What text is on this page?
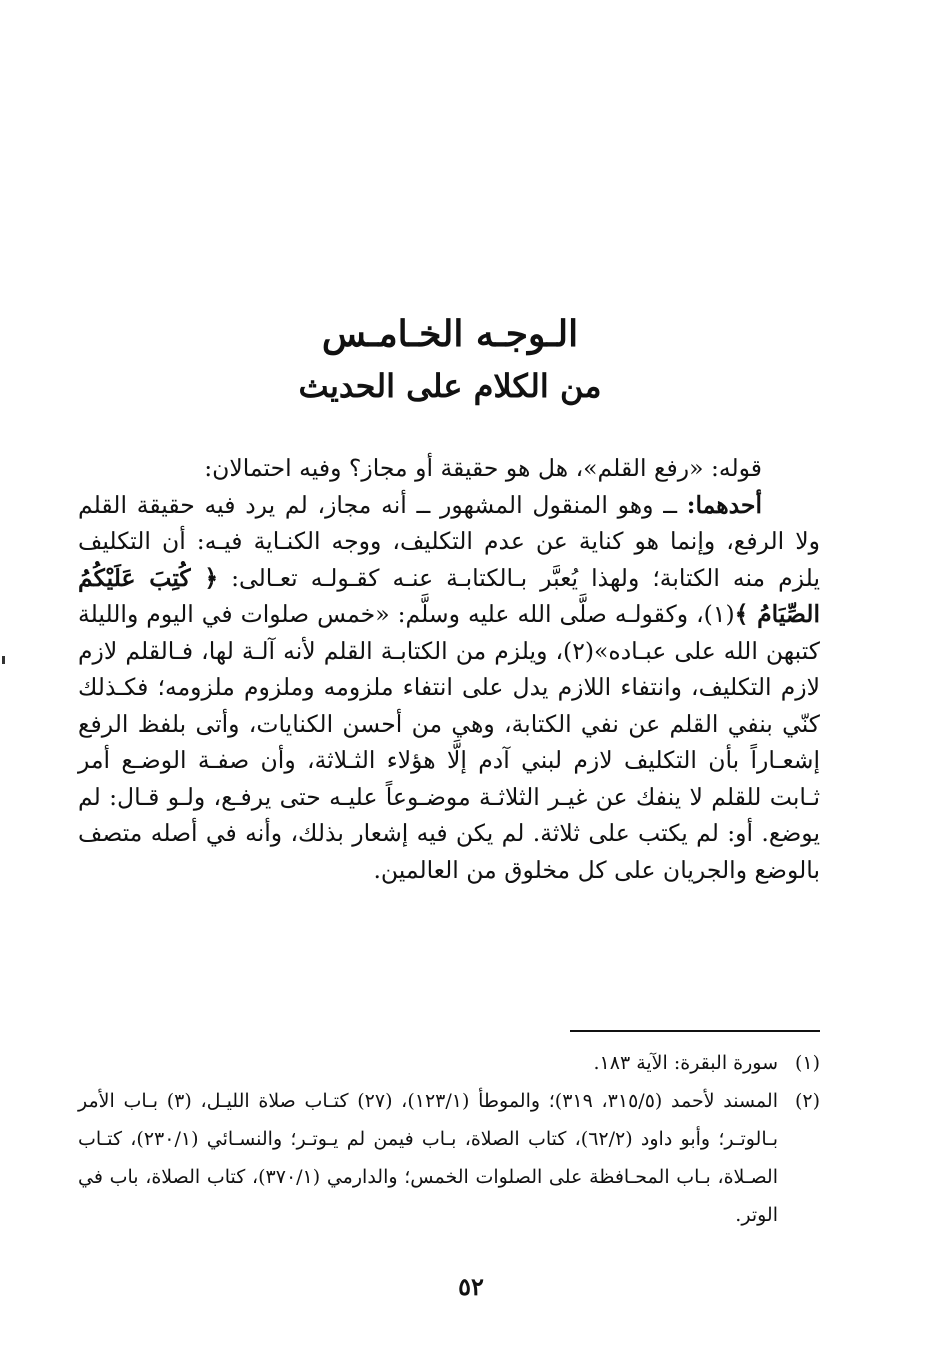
الـوجـه الخـامـس
من الكلام على الحديث

قوله: «رفع القلم»، هل هو حقيقة أو مجاز؟ وفيه احتمالان:

أحدهما: ــ وهو المنقول المشهور ــ أنه مجاز، لم يرد فيه حقيقة القلم ولا الرفع، وإنما هو كناية عن عدم التكليف، ووجه الكنـاية فيـه: أن التكليف يلزم منه الكتابة؛ ولهذا يُعبَّر بـالكتابـة عنـه كقـولـه تعـالى: ﴿ كُتِبَ عَلَيْكُمُ الصِّيَامُ ﴾(١)، وكقولـه صلَّى الله عليه وسلَّم: «خمس صلوات في اليوم والليلة كتبهن الله على عبـاده»(٢)، ويلزم من الكتابـة القلم لأنه آلـة لها، فـالقلم لازم لازم التكليف، وانتفاء اللازم يدل على انتفاء ملزومه وملزوم ملزومه؛ فكـذلك كنّي بنفي القلم عن نفي الكتابة، وهي من أحسن الكنايات، وأتى بلفظ الرفع إشعـاراً بأن التكليف لازم لبني آدم إلَّا هؤلاء الثـلاثة، وأن صفـة الوضـع أمر ثـابت للقلم لا ينفك عن غيـر الثلاثـة موضـوعاً عليـه حتى يرفـع، ولـو قـال: لم يوضع. أو: لم يكتب على ثلاثة. لم يكن فيه إشعار بذلك، وأنه في أصله متصف بالوضع والجريان على كل مخلوق من العالمين.

(١)
سورة البقرة: الآية ١٨٣.
(٢)
المسند لأحمد (٣١٥/٥، ٣١٩)؛ والموطأ (١٢٣/١)، (٢٧) كتـاب صلاة الليـل، (٣) بـاب الأمر بـالوتـر؛ وأبو داود (٦٢/٢)، كتاب الصلاة، بـاب فيمن لم يـوتـر؛ والنسـائي (٢٣٠/١)، كتـاب الصـلاة، بـاب المحـافظة على الصلوات الخمس؛ والدارمي (٣٧٠/١)، كتاب الصلاة، باب في الوتر.
٥٢
